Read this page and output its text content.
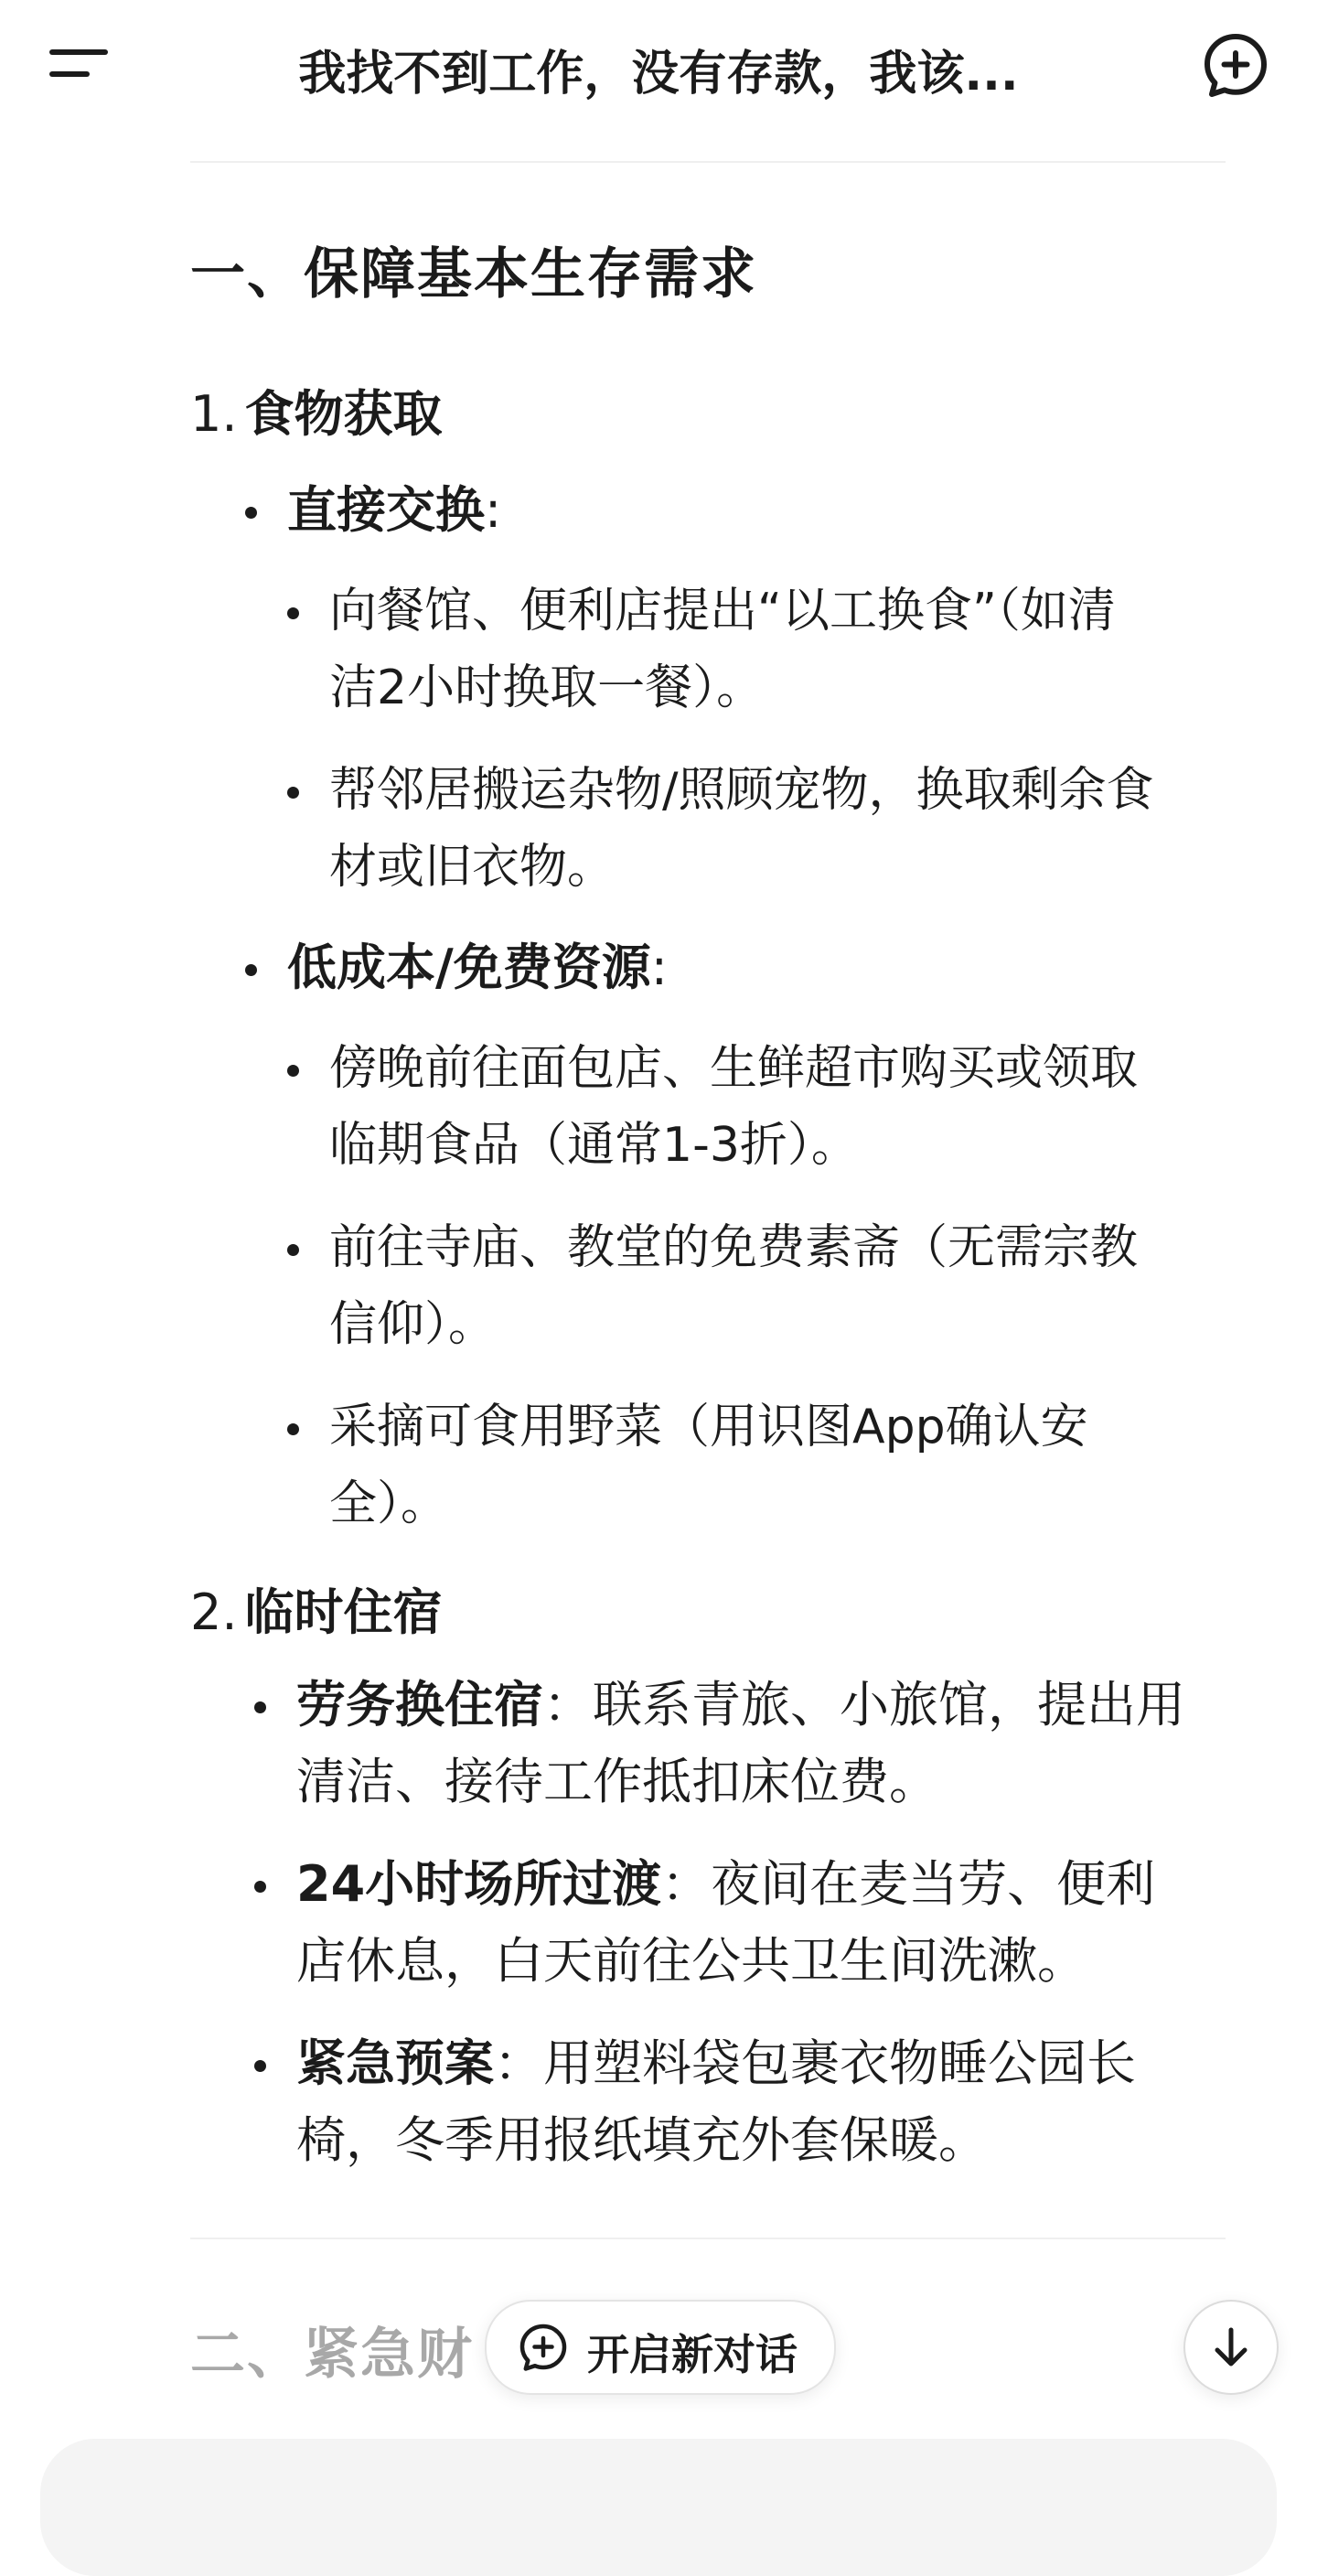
我找不到工作，没有存款，我该...
一、保障基本生存需求
1. 食物获取
直接交换:
向餐馆、便利店提出“以工换食”（如清
洁2小时换取一餐）。
帮邻居搬运杂物/照顾宠物，换取剩余食
材或旧衣物。
低成本/免费资源:
傍晚前往面包店、生鲜超市购买或领取
临期食品（通常1-3折）。
前往寺庙、教堂的免费素斋（无需宗教
信仰）。
采摘可食用野菜（用识图App确认安
全）。
2. 临时住宿
劳务换住宿：联系青旅、小旅馆，提出用
清洁、接待工作抵扣床位费。
24小时场所过渡：夜间在麦当劳、便利
店休息，白天前往公共卫生间洗漱。
紧急预案：用塑料袋包裹衣物睡公园长
椅，冬季用报纸填充外套保暖。
二、紧急财	开启新对话
